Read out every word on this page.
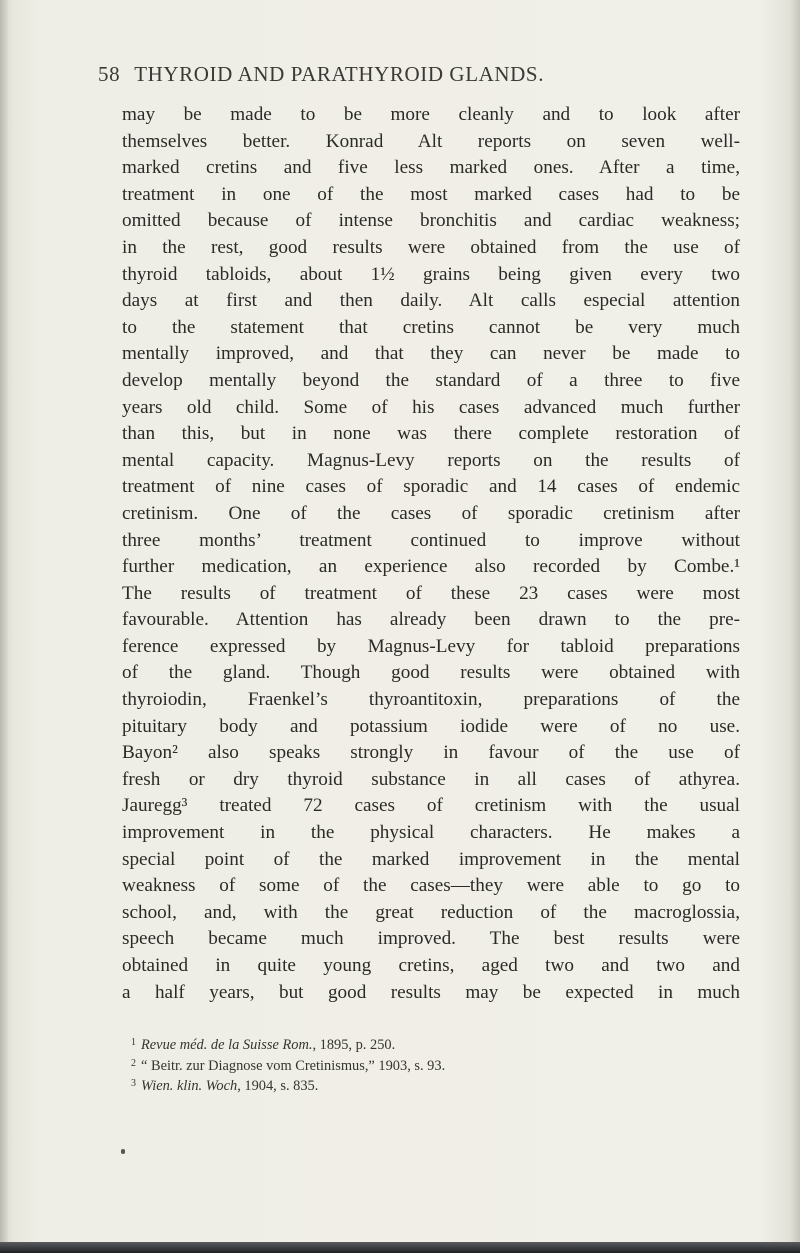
58 THYROID AND PARATHYROID GLANDS.
may be made to be more cleanly and to look after
themselves better. Konrad Alt reports on seven well-
marked cretins and five less marked ones. After a time,
treatment in one of the most marked cases had to be
omitted because of intense bronchitis and cardiac weakness;
in the rest, good results were obtained from the use of
thyroid tabloids, about 1½ grains being given every two
days at first and then daily. Alt calls especial attention
to the statement that cretins cannot be very much
mentally improved, and that they can never be made to
develop mentally beyond the standard of a three to five
years old child. Some of his cases advanced much further
than this, but in none was there complete restoration of
mental capacity. Magnus-Levy reports on the results of
treatment of nine cases of sporadic and 14 cases of endemic
cretinism. One of the cases of sporadic cretinism after
three months’ treatment continued to improve without
further medication, an experience also recorded by Combe.¹
The results of treatment of these 23 cases were most
favourable. Attention has already been drawn to the pre-
ference expressed by Magnus-Levy for tabloid preparations
of the gland. Though good results were obtained with
thyroiodin, Fraenkel’s thyroantitoxin, preparations of the
pituitary body and potassium iodide were of no use.
Bayon² also speaks strongly in favour of the use of
fresh or dry thyroid substance in all cases of athyrea.
Jauregg³ treated 72 cases of cretinism with the usual
improvement in the physical characters. He makes a
special point of the marked improvement in the mental
weakness of some of the cases—they were able to go to
school, and, with the great reduction of the macroglossia,
speech became much improved. The best results were
obtained in quite young cretins, aged two and two and
a half years, but good results may be expected in much
$^1$ Revue méd. de la Suisse Rom., 1895, p. 250.
$^2$ “ Beitr. zur Diagnose vom Cretinismus,” 1903, s. 93.
$^3$ Wien. klin. Woch, 1904, s. 835.
